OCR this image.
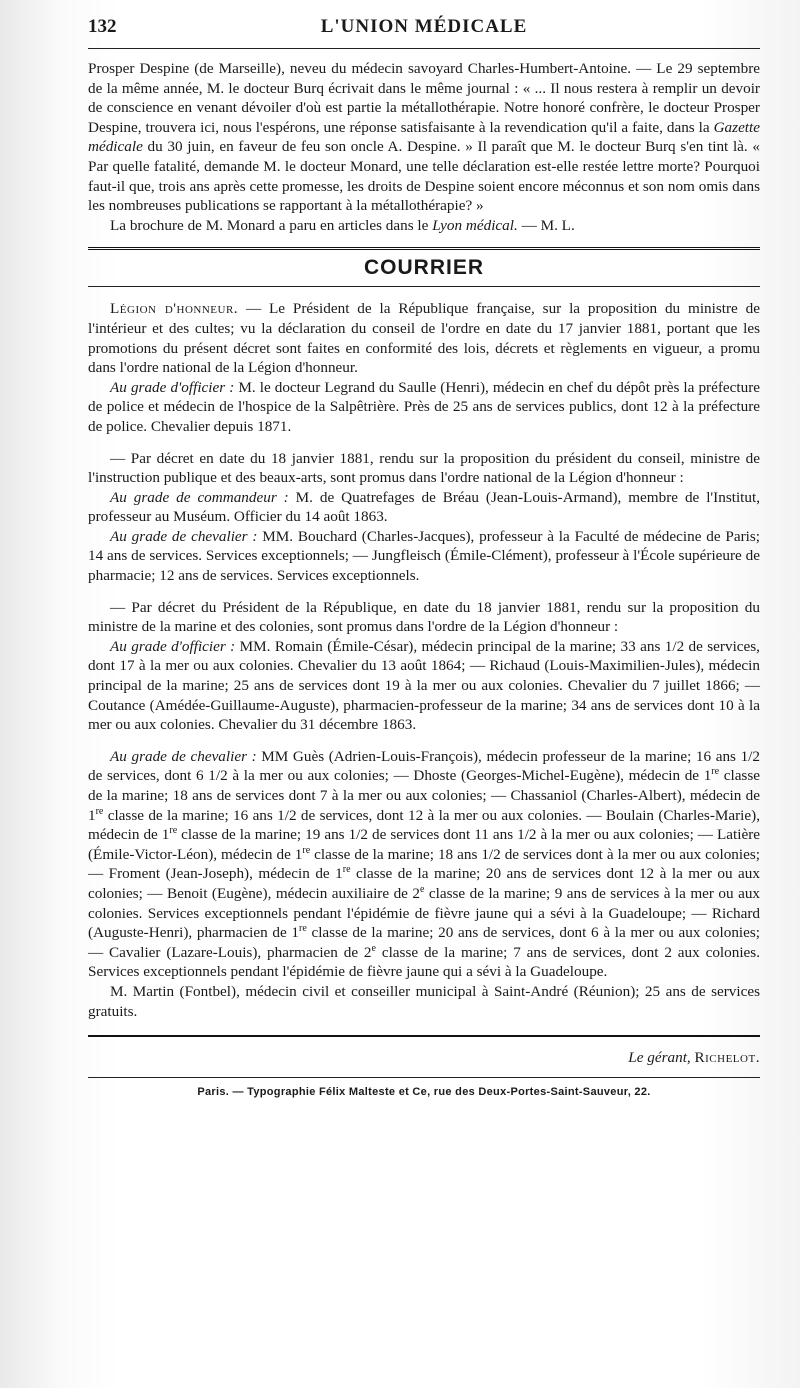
132	L'UNION MÉDICALE

Prosper Despine (de Marseille), neveu du médecin savoyard Charles-Humbert-Antoine. — Le 29 septembre de la même année, M. le docteur Burq écrivait dans le même journal : « ... Il nous restera à remplir un devoir de conscience en venant dévoiler d'où est partie la métallothérapie. Notre honoré confrère, le docteur Prosper Despine, trouvera ici, nous l'espérons, une réponse satisfaisante à la revendication qu'il a faite, dans la Gazette médicale du 30 juin, en faveur de feu son oncle A. Despine. » Il paraît que M. le docteur Burq s'en tint là. « Par quelle fatalité, demande M. le docteur Monard, une telle déclaration est-elle restée lettre morte? Pourquoi faut-il que, trois ans après cette promesse, les droits de Despine soient encore méconnus et son nom omis dans les nombreuses publications se rapportant à la métallothérapie? »

La brochure de M. Monard a paru en articles dans le Lyon médical. — M. L.

COURRIER

Légion d'honneur. — Le Président de la République française, sur la proposition du ministre de l'intérieur et des cultes; vu la déclaration du conseil de l'ordre en date du 17 janvier 1881, portant que les promotions du présent décret sont faites en conformité des lois, décrets et règlements en vigueur, a promu dans l'ordre national de la Légion d'honneur.

Au grade d'officier : M. le docteur Legrand du Saulle (Henri), médecin en chef du dépôt près la préfecture de police et médecin de l'hospice de la Salpêtrière. Près de 25 ans de services publics, dont 12 à la préfecture de police. Chevalier depuis 1871.

— Par décret en date du 18 janvier 1881, rendu sur la proposition du président du conseil, ministre de l'instruction publique et des beaux-arts, sont promus dans l'ordre national de la Légion d'honneur :

Au grade de commandeur : M. de Quatrefages de Bréau (Jean-Louis-Armand), membre de l'Institut, professeur au Muséum. Officier du 14 août 1863.

Au grade de chevalier : MM. Bouchard (Charles-Jacques), professeur à la Faculté de médecine de Paris; 14 ans de services. Services exceptionnels; — Jungfleisch (Émile-Clément), professeur à l'École supérieure de pharmacie; 12 ans de services. Services exceptionnels.

— Par décret du Président de la République, en date du 18 janvier 1881, rendu sur la proposition du ministre de la marine et des colonies, sont promus dans l'ordre de la Légion d'honneur :

Au grade d'officier : MM. Romain (Émile-César), médecin principal de la marine; 33 ans 1/2 de services, dont 17 à la mer ou aux colonies. Chevalier du 13 août 1864; — Richaud (Louis-Maximilien-Jules), médecin principal de la marine; 25 ans de services dont 19 à la mer ou aux colonies. Chevalier du 7 juillet 1866; — Coutance (Amédée-Guillaume-Auguste), pharmacien-professeur de la marine; 34 ans de services dont 10 à la mer ou aux colonies. Chevalier du 31 décembre 1863.

Au grade de chevalier : MM Guès (Adrien-Louis-François), médecin professeur de la marine; 16 ans 1/2 de services, dont 6 1/2 à la mer ou aux colonies; — Dhoste (Georges-Michel-Eugène), médecin de 1re classe de la marine; 18 ans de services dont 7 à la mer ou aux colonies; — Chassaniol (Charles-Albert), médecin de 1re classe de la marine; 16 ans 1/2 de services, dont 12 à la mer ou aux colonies. — Boulain (Charles-Marie), médecin de 1re classe de la marine; 19 ans 1/2 de services dont 11 ans 1/2 à la mer ou aux colonies; — Latière (Émile-Victor-Léon), médecin de 1re classe de la marine; 18 ans 1/2 de services dont à la mer ou aux colonies; — Froment (Jean-Joseph), médecin de 1re classe de la marine; 20 ans de services dont 12 à la mer ou aux colonies; — Benoit (Eugène), médecin auxiliaire de 2e classe de la marine; 9 ans de services à la mer ou aux colonies. Services exceptionnels pendant l'épidémie de fièvre jaune qui a sévi à la Guadeloupe; — Richard (Auguste-Henri), pharmacien de 1re classe de la marine; 20 ans de services, dont 6 à la mer ou aux colonies; — Cavalier (Lazare-Louis), pharmacien de 2e classe de la marine; 7 ans de services, dont 2 aux colonies. Services exceptionnels pendant l'épidémie de fièvre jaune qui a sévi à la Guadeloupe.

M. Martin (Fontbel), médecin civil et conseiller municipal à Saint-André (Réunion); 25 ans de services gratuits.

Le gérant, Richelot.
Paris. — Typographie Félix Malteste et Ce, rue des Deux-Portes-Saint-Sauveur, 22.
